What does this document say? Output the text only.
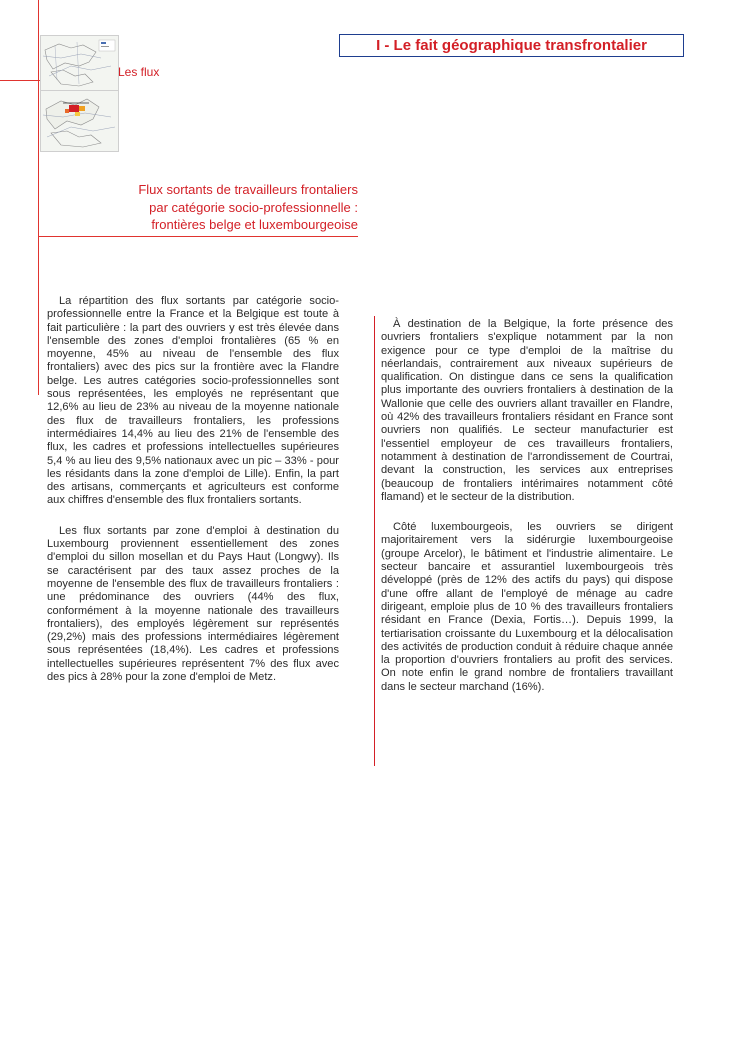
Les flux
I - Le fait géographique transfrontalier
Flux sortants de travailleurs frontaliers
par catégorie socio-professionnelle :
frontières belge et luxembourgeoise

La répartition des flux sortants par catégorie socio-professionnelle entre la France et la Belgique est toute à fait particulière : la part des ouvriers y est très élevée dans l'ensemble des zones d'emploi frontalières (65 % en moyenne, 45% au niveau de l'ensemble des flux frontaliers) avec des pics sur la frontière avec la Flandre belge. Les autres catégories socio-professionnelles sont sous représentées, les employés ne représentant que 12,6% au lieu de 23% au niveau de la moyenne nationale des flux de travailleurs frontaliers, les professions intermédiaires 14,4% au lieu des 21% de l'ensemble des flux, les cadres et professions intellectuelles supérieures 5,4 % au lieu des 9,5% nationaux avec un pic – 33% - pour les résidants dans la zone d'emploi de Lille). Enfin, la part des artisans, commerçants et agriculteurs est conforme aux chiffres d'ensemble des flux frontaliers sortants.

Les flux sortants par zone d'emploi à destination du Luxembourg proviennent essentiellement des zones d'emploi du sillon mosellan et du Pays Haut (Longwy). Ils se caractérisent par des taux assez proches de la moyenne de l'ensemble des flux de travailleurs frontaliers : une prédominance des ouvriers (44% des flux, conformément à la moyenne nationale des travailleurs frontaliers), des employés légèrement sur représentés (29,2%) mais des professions intermédiaires légèrement sous représentées (18,4%). Les cadres et professions intellectuelles supérieures représentent 7% des flux avec des pics à 28% pour la zone d'emploi de Metz.

À destination de la Belgique, la forte présence des ouvriers frontaliers s'explique notamment par la non exigence pour ce type d'emploi de la maîtrise du néerlandais, contrairement aux niveaux supérieurs de qualification. On distingue dans ce sens la qualification plus importante des ouvriers frontaliers à destination de la Wallonie que celle des ouvriers allant travailler en Flandre, où 42% des travailleurs frontaliers résidant en France sont ouvriers non qualifiés. Le secteur manufacturier est l'essentiel employeur de ces travailleurs frontaliers, notamment à destination de l'arrondissement de Courtrai, devant la construction, les services aux entreprises (beaucoup de frontaliers intérimaires notamment côté flamand) et le secteur de la distribution.

Côté luxembourgeois, les ouvriers se dirigent majoritairement vers la sidérurgie luxembourgeoise (groupe Arcelor), le bâtiment et l'industrie alimentaire. Le secteur bancaire et assurantiel luxembourgeois très développé (près de 12% des actifs du pays) qui dispose d'une offre allant de l'employé de ménage au cadre dirigeant, emploie plus de 10 % des travailleurs frontaliers résidant en France (Dexia, Fortis…). Depuis 1999, la tertiarisation croissante du Luxembourg et la délocalisation des activités de production conduit à réduire chaque année la proportion d'ouvriers frontaliers au profit des services. On note enfin le grand nombre de frontaliers travaillant dans le secteur marchand (16%).
